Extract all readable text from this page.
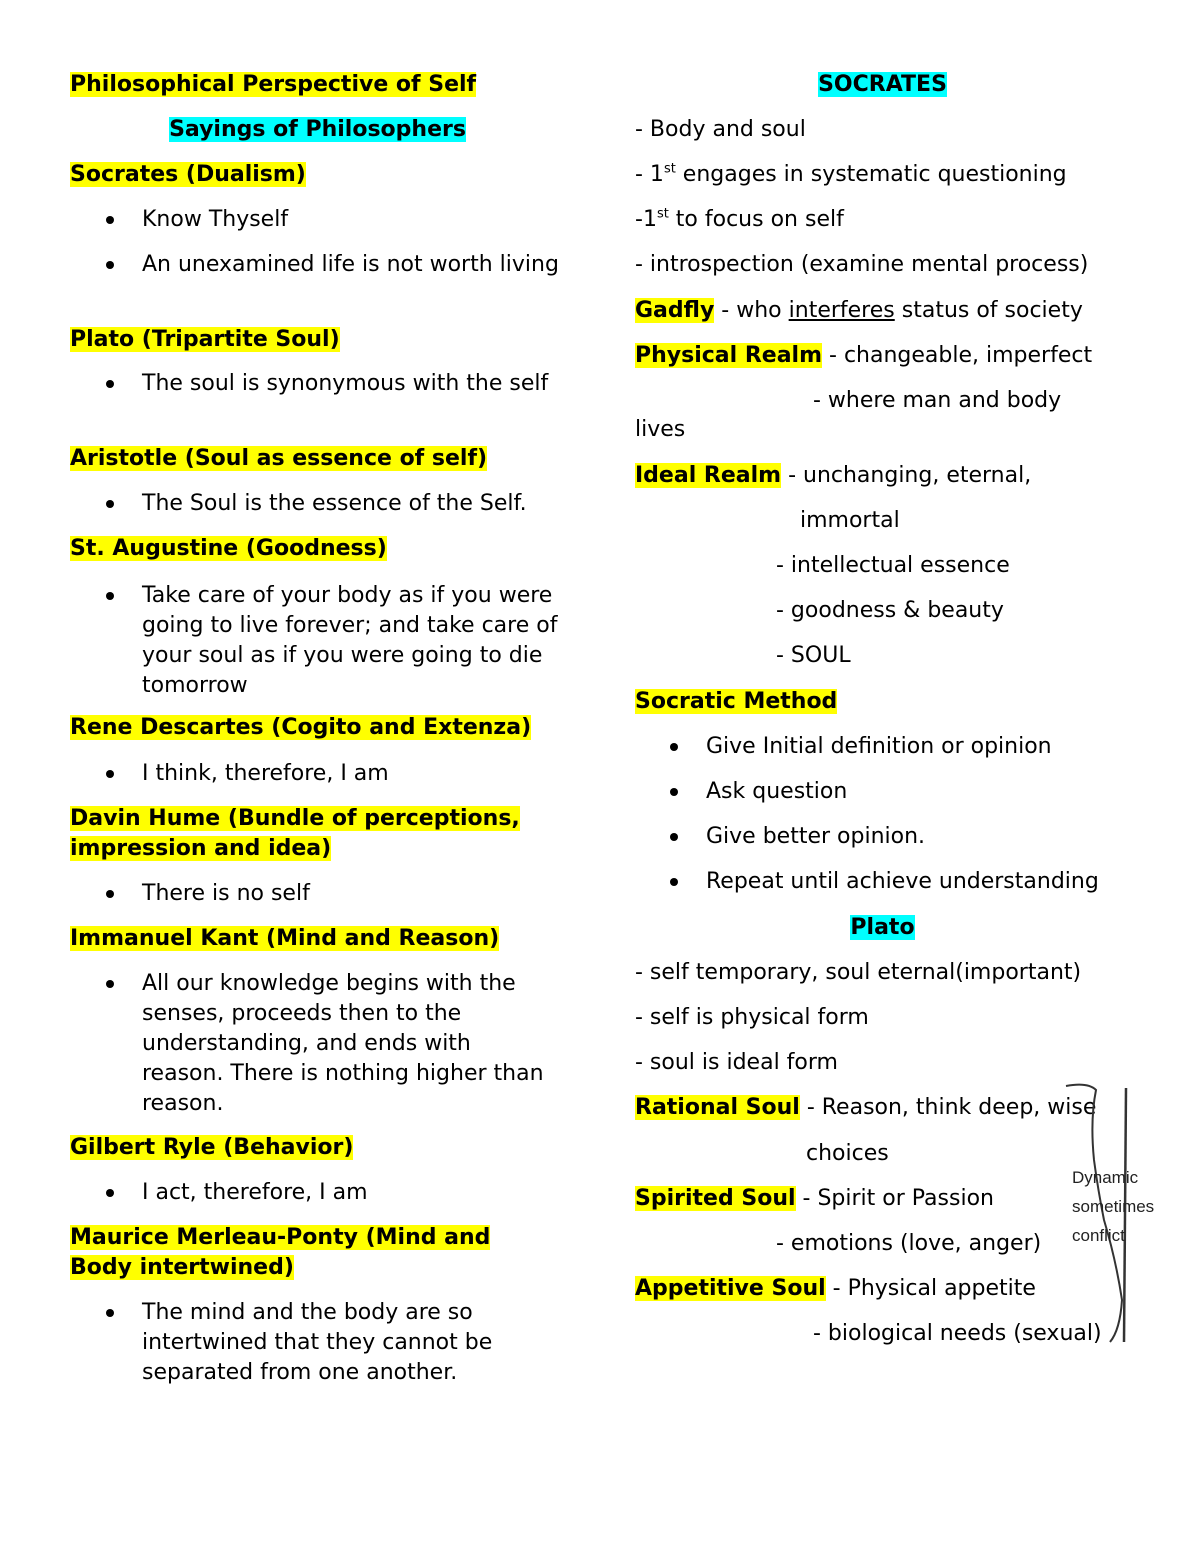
Philosophical Perspective of Self
Sayings of Philosophers
Socrates (Dualism)
Know Thyself
An unexamined life is not worth living
Plato (Tripartite Soul)
The soul is synonymous with the self
Aristotle (Soul as essence of self)
The Soul is the essence of the Self.
St. Augustine (Goodness)
Take care of your body as if you were going to live forever; and take care of your soul as if you were going to die tomorrow
Rene Descartes (Cogito and Extenza)
I think, therefore, I am
Davin Hume (Bundle of perceptions, impression and idea)
There is no self
Immanuel Kant (Mind and Reason)
All our knowledge begins with the senses, proceeds then to the understanding, and ends with reason. There is nothing higher than reason.
Gilbert Ryle (Behavior)
I act, therefore, I am
Maurice Merleau-Ponty (Mind and Body intertwined)
The mind and the body are so intertwined that they cannot be separated from one another.
SOCRATES
- Body and soul
- 1st engages in systematic questioning
-1st to focus on self
- introspection (examine mental process)
Gadfly - who interferes status of society
Physical Realm - changeable, imperfect
- where man and body
lives
Ideal Realm - unchanging, eternal,
immortal
- intellectual essence
- goodness & beauty
- SOUL
Socratic Method
Give Initial definition or opinion
Ask question
Give better opinion.
Repeat until achieve understanding
Plato
- self temporary, soul eternal(important)
- self is physical form
- soul is ideal form
Rational Soul - Reason, think deep, wise
choices
Spirited Soul - Spirit or Passion
- emotions (love, anger)
Appetitive Soul - Physical appetite
- biological needs (sexual)
Dynamic
sometimes
conflict
